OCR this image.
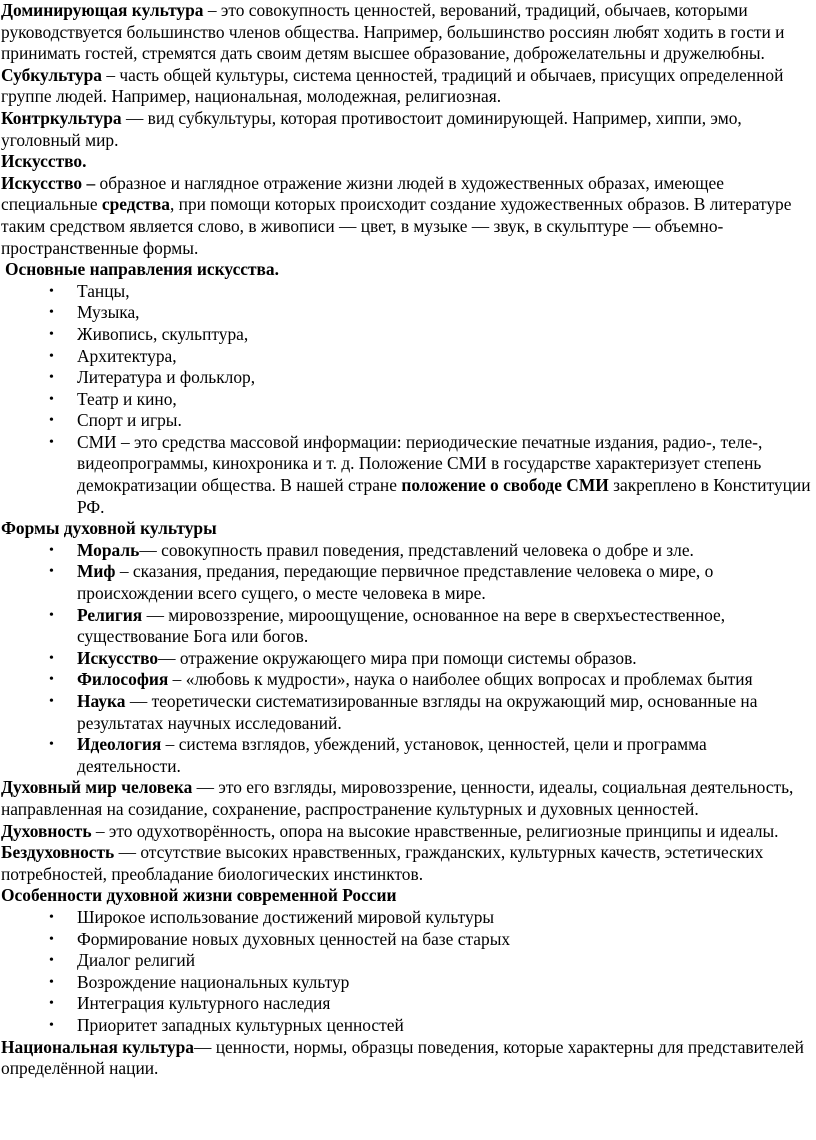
Доминирующая культура – это совокупность ценностей, верований, традиций, обычаев, которыми руководствуется большинство членов общества. Например, большинство россиян любят ходить в гости и принимать гостей, стремятся дать своим детям высшее образование, доброжелательны и дружелюбны.

Субкультура – часть общей культуры, система ценностей, традиций и обычаев, присущих определенной группе людей. Например, национальная, молодежная, религиозная.

Контркультура — вид субкультуры, которая противостоит доминирующей. Например, хиппи, эмо, уголовный мир.

Искусство.

Искусство – образное и наглядное отражение жизни людей в художественных образах, имеющее специальные средства, при помощи которых происходит создание художественных образов. В литературе таким средством является слово, в живописи — цвет, в музыке — звук, в скульптуре — объемно-пространственные формы.

Основные направления искусства.

• Танцы,
• Музыка,
• Живопись, скульптура,
• Архитектура,
• Литература и фольклор,
• Театр и кино,
• Спорт и игры.
• СМИ – это средства массовой информации: периодические печатные издания, радио-, теле-, видеопрограммы, кинохроника и т. д. Положение СМИ в государстве характеризует степень демократизации общества. В нашей стране положение о свободе СМИ закреплено в Конституции РФ.

Формы духовной культуры

• Мораль— совокупность правил поведения, представлений человека о добре и зле.
• Миф – сказания, предания, передающие первичное представление человека о мире, о происхождении всего сущего, о месте человека в мире.
• Религия — мировоззрение, мироощущение, основанное на вере в сверхъестественное, существование Бога или богов.
• Искусство— отражение окружающего мира при помощи системы образов.
• Философия – «любовь к мудрости», наука о наиболее общих вопросах и проблемах бытия
• Наука — теоретически систематизированные взгляды на окружающий мир, основанные на результатах научных исследований.
• Идеология – система взглядов, убеждений, установок, ценностей, цели и программа деятельности.

Духовный мир человека — это его взгляды, мировоззрение, ценности, идеалы, социальная деятельность, направленная на созидание, сохранение, распространение культурных и духовных ценностей.

Духовность – это одухотворённость, опора на высокие нравственные, религиозные принципы и идеалы.

Бездуховность — отсутствие высоких нравственных, гражданских, культурных качеств, эстетических потребностей, преобладание биологических инстинктов.

Особенности духовной жизни современной России

• Широкое использование достижений мировой культуры
• Формирование новых духовных ценностей на базе старых
• Диалог религий
• Возрождение национальных культур
• Интеграция культурного наследия
• Приоритет западных культурных ценностей

Национальная культура— ценности, нормы, образцы поведения, которые характерны для представителей определённой нации.
